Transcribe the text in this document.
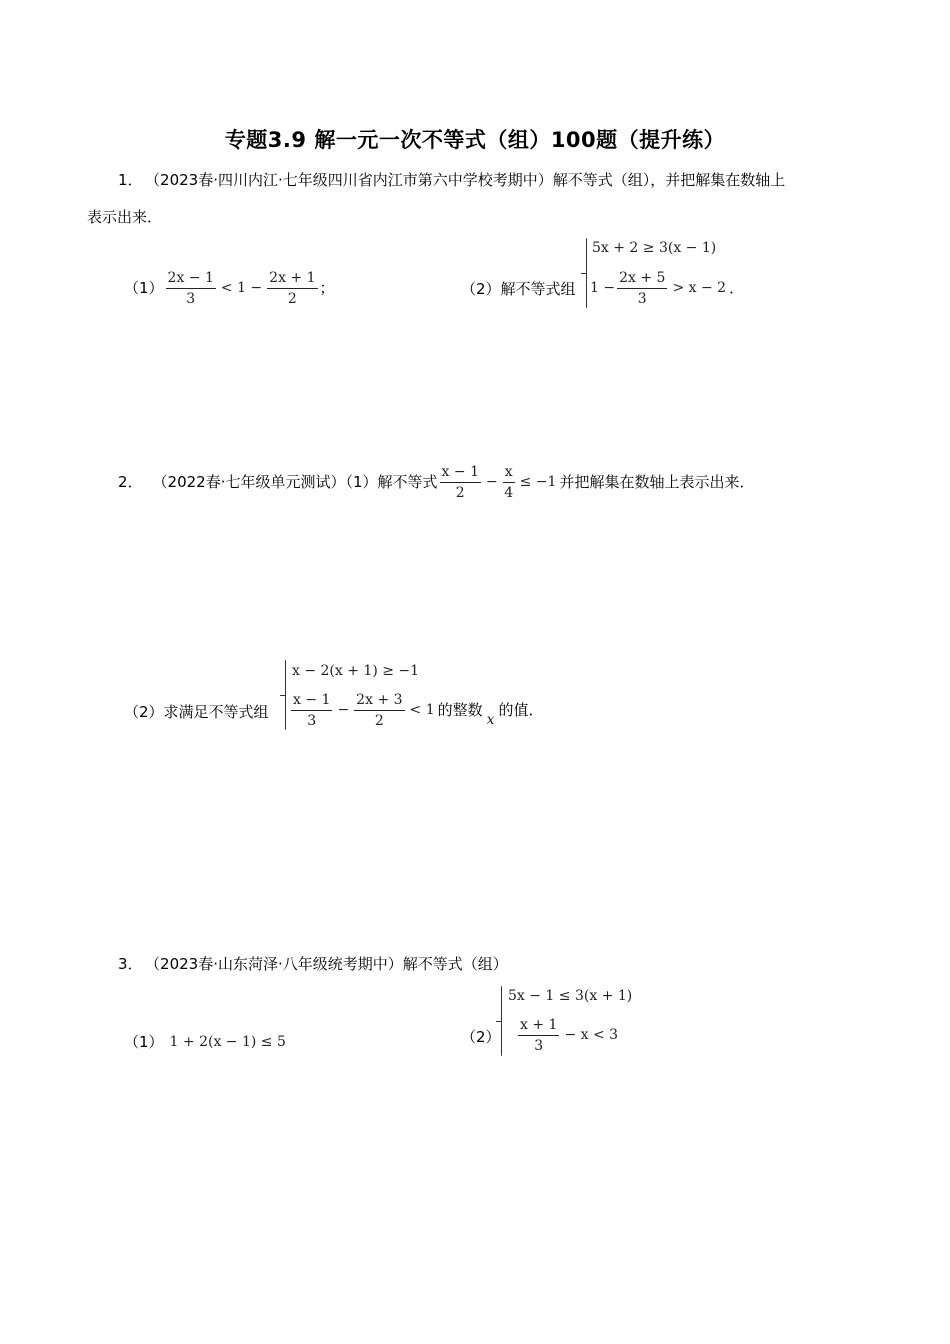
专题3.9 解一元一次不等式（组）100题（提升练）
1． （2023春·四川内江·七年级四川省内江市第六中学校考期中）解不等式（组），并把解集在数轴上
表示出来．
$(1) \frac{2x - 1}{3} < 1 - \frac{2x + 1}{2}$ ；	（2）解不等式组
5x + 2 ≥ 3(x − 1)
$1 - \frac{2x + 5}{3} > x - 2$ ．
2． （2022春·七年级单元测试）（1）解不等式 $\frac{x - 1}{2} - \frac{x}{4} \le -1$ 并把解集在数轴上表示出来．
（2）求满足不等式组
x − 2(x + 1) ≥ −1
$\frac{x - 1}{3} - \frac{2x + 3}{2} < 1$ 的整数
x
的值．
3． （2023春·山东菏泽·八年级统考期中）解不等式（组）
（1） 1 + 2(x − 1) ≤ 5	（2）
5x − 1 ≤ 3(x + 1)
$\frac{x + 1}{3} - x < 3$
